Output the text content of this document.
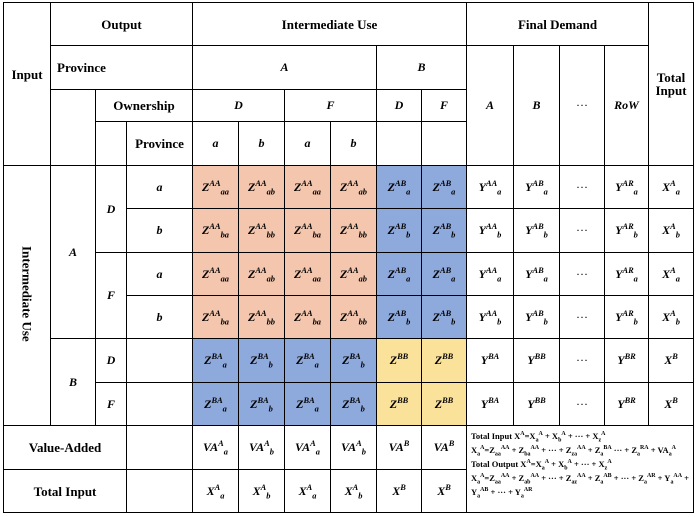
	Output			Intermediate Use						Final Demand				Total Input
	Province			A				B		A	B	···	RoW	
Input		Ownership		D		F		D	F					
			Province	a	b	a	b							
Intermediate Use	A	D	a	$Z^{AA}_{aa}$	$Z^{AA}_{ab}$	$Z^{AA}_{aa}$	$Z^{AA}_{ab}$	$Z^{AB}_a$	$Z^{AB}_a$	$Y^{AA}_a$	$Y^{AB}_a$	···	$Y^{AR}_a$	$X^A_a$
			b	$Z^{AA}_{ba}$	$Z^{AA}_{bb}$	$Z^{AA}_{ba}$	$Z^{AA}_{bb}$	$Z^{AB}_b$	$Z^{AB}_b$	$Y^{AA}_b$	$Y^{AB}_b$	···	$Y^{AR}_b$	$X^A_b$
		F	a	$Z^{AA}_{aa}$	$Z^{AA}_{ab}$	$Z^{AA}_{aa}$	$Z^{AA}_{ab}$	$Z^{AB}_a$	$Z^{AB}_a$	$Y^{AA}_a$	$Y^{AB}_a$	···	$Y^{AR}_a$	$X^A_a$
			b	$Z^{AA}_{ba}$	$Z^{AA}_{bb}$	$Z^{AA}_{ba}$	$Z^{AA}_{bb}$	$Z^{AB}_b$	$Z^{AB}_b$	$Y^{AA}_b$	$Y^{AB}_b$	···	$Y^{AR}_b$	$X^A_b$
	B	D		$Z^{BA}_a$	$Z^{BA}_b$	$Z^{BA}_a$	$Z^{BA}_b$	$Z^{BB}$	$Z^{BB}$	$Y^{BA}$	$Y^{BB}$	···	$Y^{BR}$	$X^B$
		F		$Z^{BA}_a$	$Z^{BA}_b$	$Z^{BA}_a$	$Z^{BA}_b$	$Z^{BB}$	$Z^{BB}$	$Y^{BA}$	$Y^{BB}$	···	$Y^{BR}$	$X^B$
Value-Added				$VA^A_a$	$VA^A_b$	$VA^A_a$	$VA^A_b$	$VA^B$	$VA^B$	Total Input $X^A=X_a^A + X_b^A$ + ··· + $X_z^A$
$X_a^A=Z_{aa}^{AA} + Z_{ba}^{AA}$ + ··· + $Z_{za}^{AA} + Z_a^{BA}$ ··· + $Z_a^{RA} + VA_a^A$
Total Output $X^A=X_a^A + X_b^A$ + ··· + $X_z^A$
$X_a^A=Z_{aa}^{AA} + Z_{ab}^{AA}$ + ··· + $Z_{az}^{AA} + Z_a^{AB}$ + ··· + $Z_a^{AR} + Y_a^{AA}$ +
$Y_a^{AB}$ + ··· + $Y_a^{AR}$

Total Input				$X^A_a$	$X^A_b$	$X^A_a$	$X^A_b$	$X^B$	$X^B$
